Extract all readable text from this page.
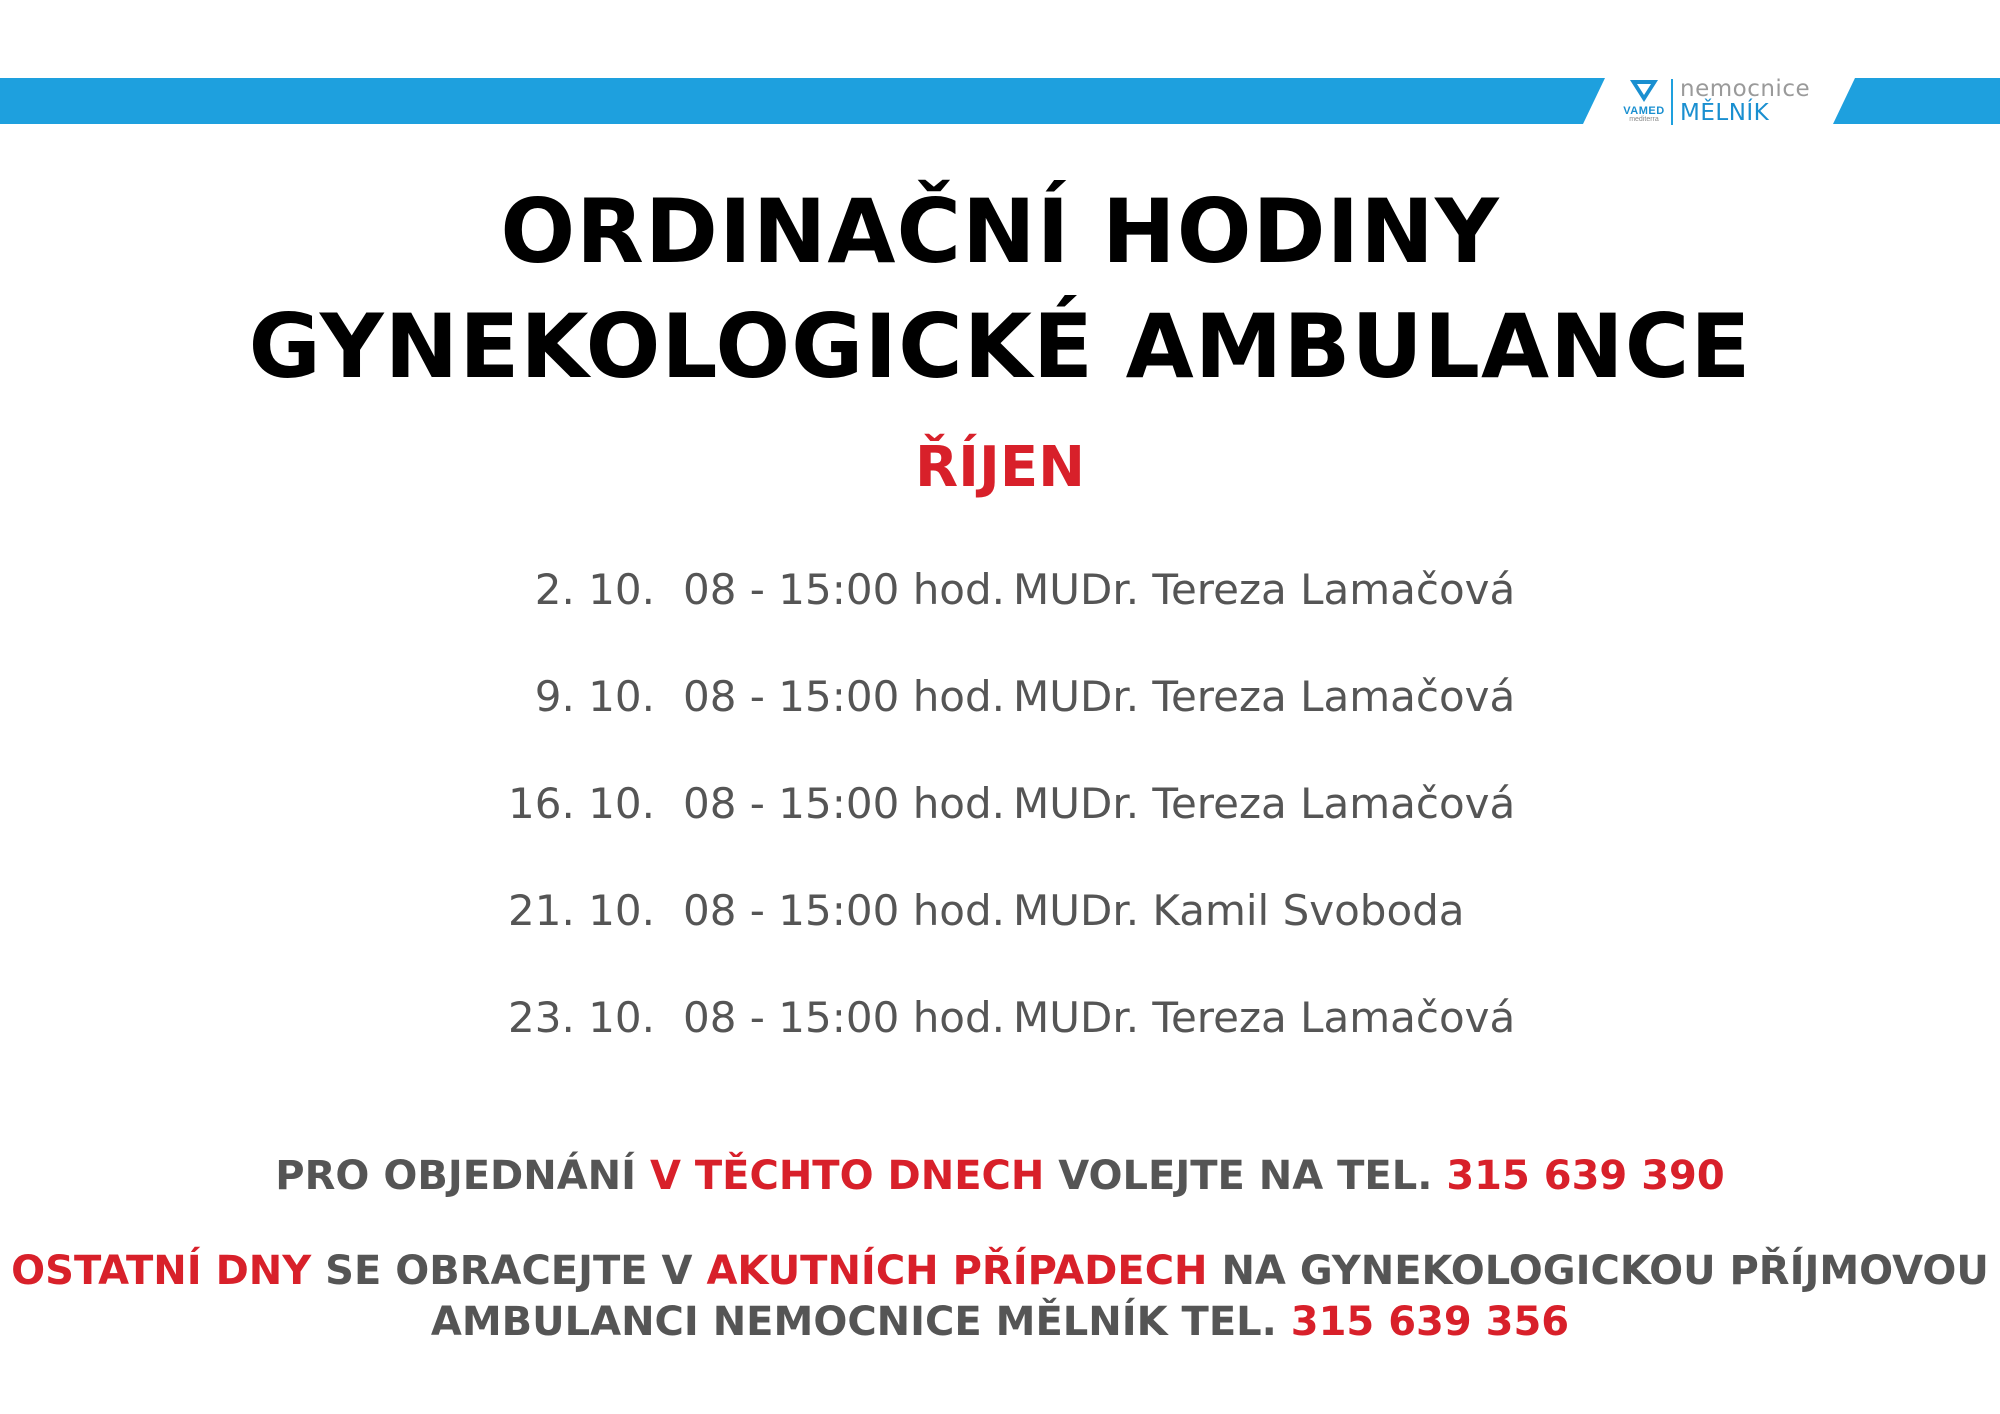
VAMED
mediterra
nemocnice
MĚLNÍK
ORDINAČNÍ HODINY
GYNEKOLOGICKÉ AMBULANCE
ŘÍJEN
2. 10. 08 - 15:00 hod. MUDr. Tereza Lamačová
9. 10. 08 - 15:00 hod. MUDr. Tereza Lamačová
16. 10. 08 - 15:00 hod. MUDr. Tereza Lamačová
21. 10. 08 - 15:00 hod. MUDr. Kamil Svoboda
23. 10. 08 - 15:00 hod. MUDr. Tereza Lamačová
PRO OBJEDNÁNÍ V TĚCHTO DNECH VOLEJTE NA TEL. 315 639 390
OSTATNÍ DNY SE OBRACEJTE V AKUTNÍCH PŘÍPADECH NA GYNEKOLOGICKOU PŘÍJMOVOU
AMBULANCI NEMOCNICE MĚLNÍK TEL. 315 639 356
